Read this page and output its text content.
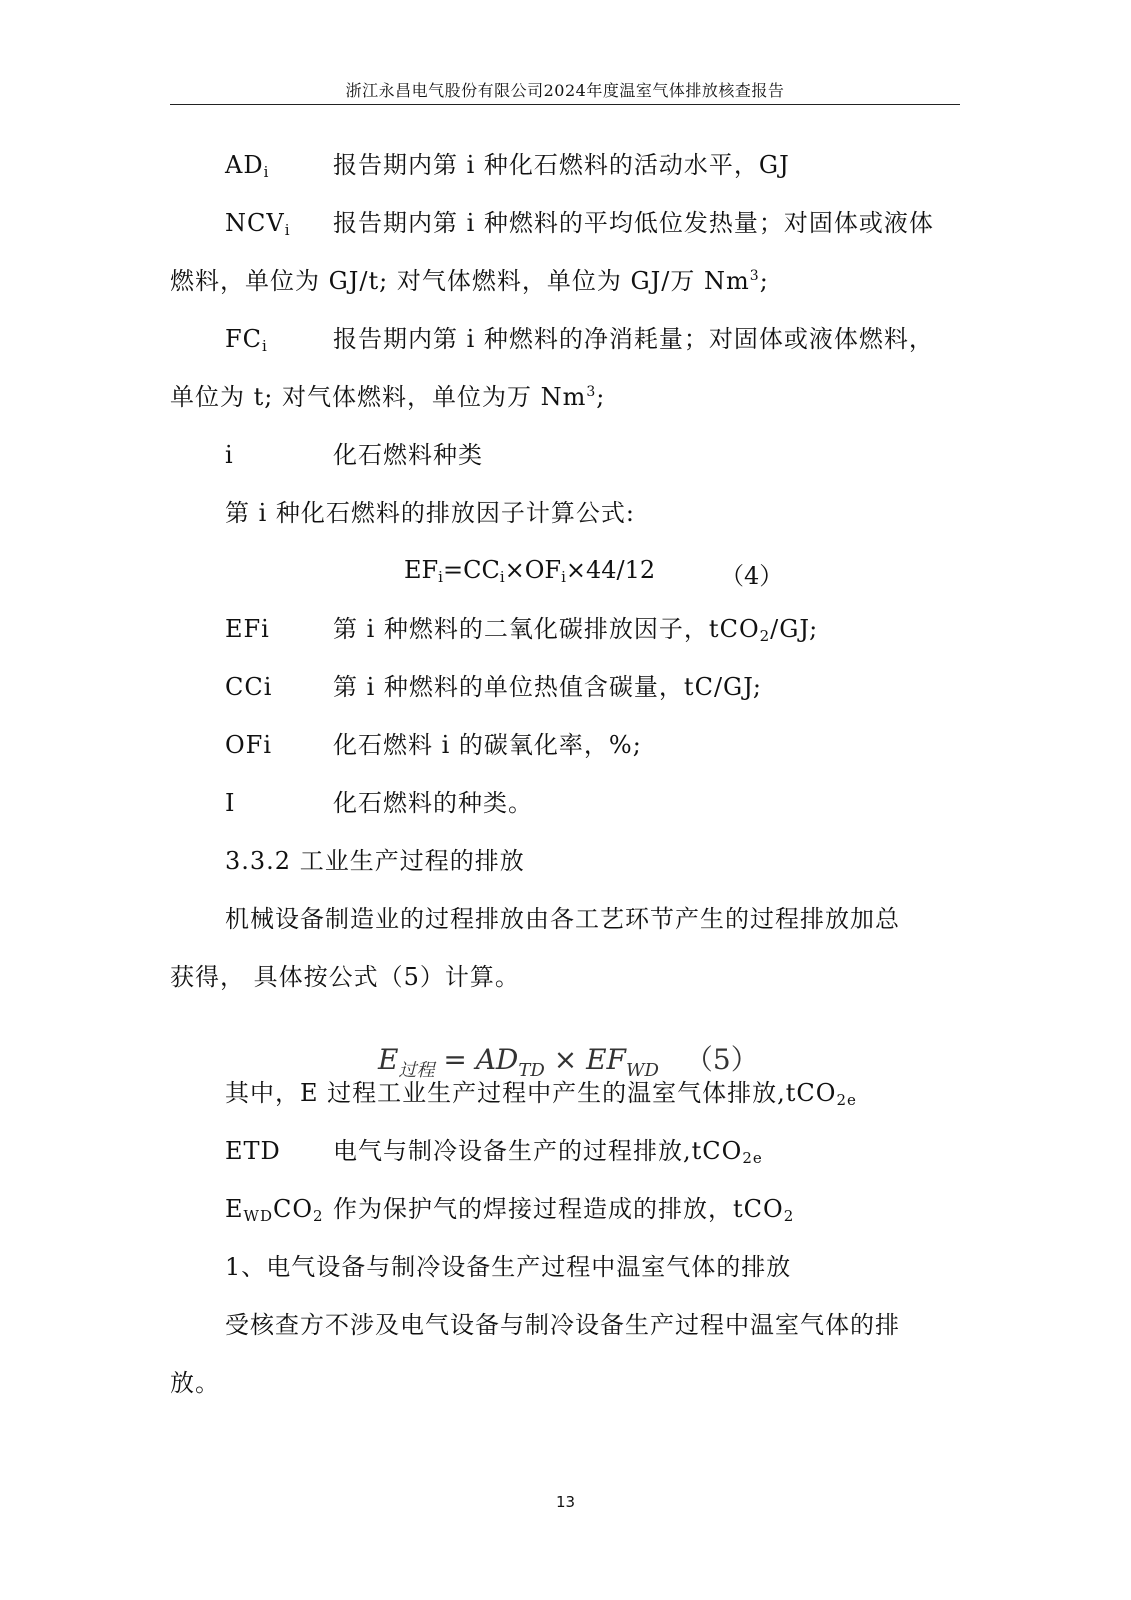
浙江永昌电气股份有限公司2024年度温室气体排放核查报告
$AD_i$	报告期内第 i 种化石燃料的活动水平，GJ
$NCV_i$ 报告期内第 i 种燃料的平均低位发热量；对固体或液体
燃料，单位为 GJ/t; 对气体燃料，单位为 GJ/万 Nm$^3$;
$FC_i$	报告期内第 i 种燃料的净消耗量；对固体或液体燃料，
单位为 t; 对气体燃料，单位为万 Nm$^3$;
i	化石燃料种类
第 i 种化石燃料的排放因子计算公式:
$EF_i=CC_i\times OF_i\times 44/12$	（4）
EFi	第 i 种燃料的二氧化碳排放因子，tCO$_2$/GJ;
CCi	第 i 种燃料的单位热值含碳量，tC/GJ;
OFi	化石燃料 i 的碳氧化率，%;
I	化石燃料的种类。
3.3.2 工业生产过程的排放
机械设备制造业的过程排放由各工艺环节产生的过程排放加总
获得， 具体按公式（5）计算。
$E_{过程} = AD_{TD} \times EF_{WD}$ （5）
其中，E 过程工业生产过程中产生的温室气体排放,tCO$_{2e}$
ETD 电气与制冷设备生产的过程排放,tCO$_{2e}$
$E_{WD}CO_2$ 作为保护气的焊接过程造成的排放，tCO$_2$
1、电气设备与制冷设备生产过程中温室气体的排放
受核查方不涉及电气设备与制冷设备生产过程中温室气体的排
放。
13
